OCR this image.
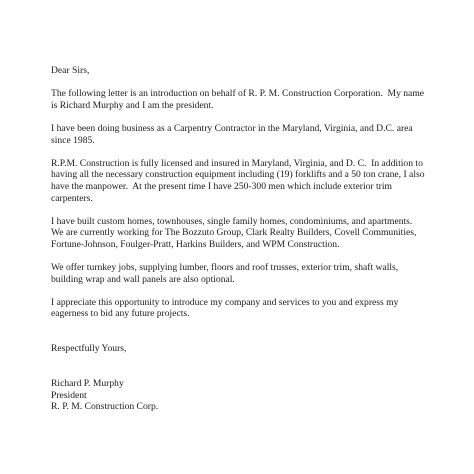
Dear Sirs,

The following letter is an introduction on behalf of R. P. M. Construction Corporation.  My name

is Richard Murphy and I am the president.

I have been doing business as a Carpentry Contractor in the Maryland, Virginia, and D.C. area

since 1985.

R.P.M. Construction is fully licensed and insured in Maryland, Virginia, and D. C.  In addition to

having all the necessary construction equipment including (19) forklifts and a 50 ton crane, I also

have the manpower.  At the present time I have 250-300 men which include exterior trim

carpenters.

I have built custom homes, townhouses, single family homes, condominiums, and apartments.

We are currently working for The Bozzuto Group, Clark Realty Builders, Covell Communities,

Fortune-Johnson, Foulger-Pratt, Harkins Builders, and WPM Construction.

We offer turnkey jobs, supplying lumber, floors and roof trusses, exterior trim, shaft walls,

building wrap and wall panels are also optional.

I appreciate this opportunity to introduce my company and services to you and express my

eagerness to bid any future projects.

Respectfully Yours,

Richard P. Murphy

President

R. P. M. Construction Corp.
